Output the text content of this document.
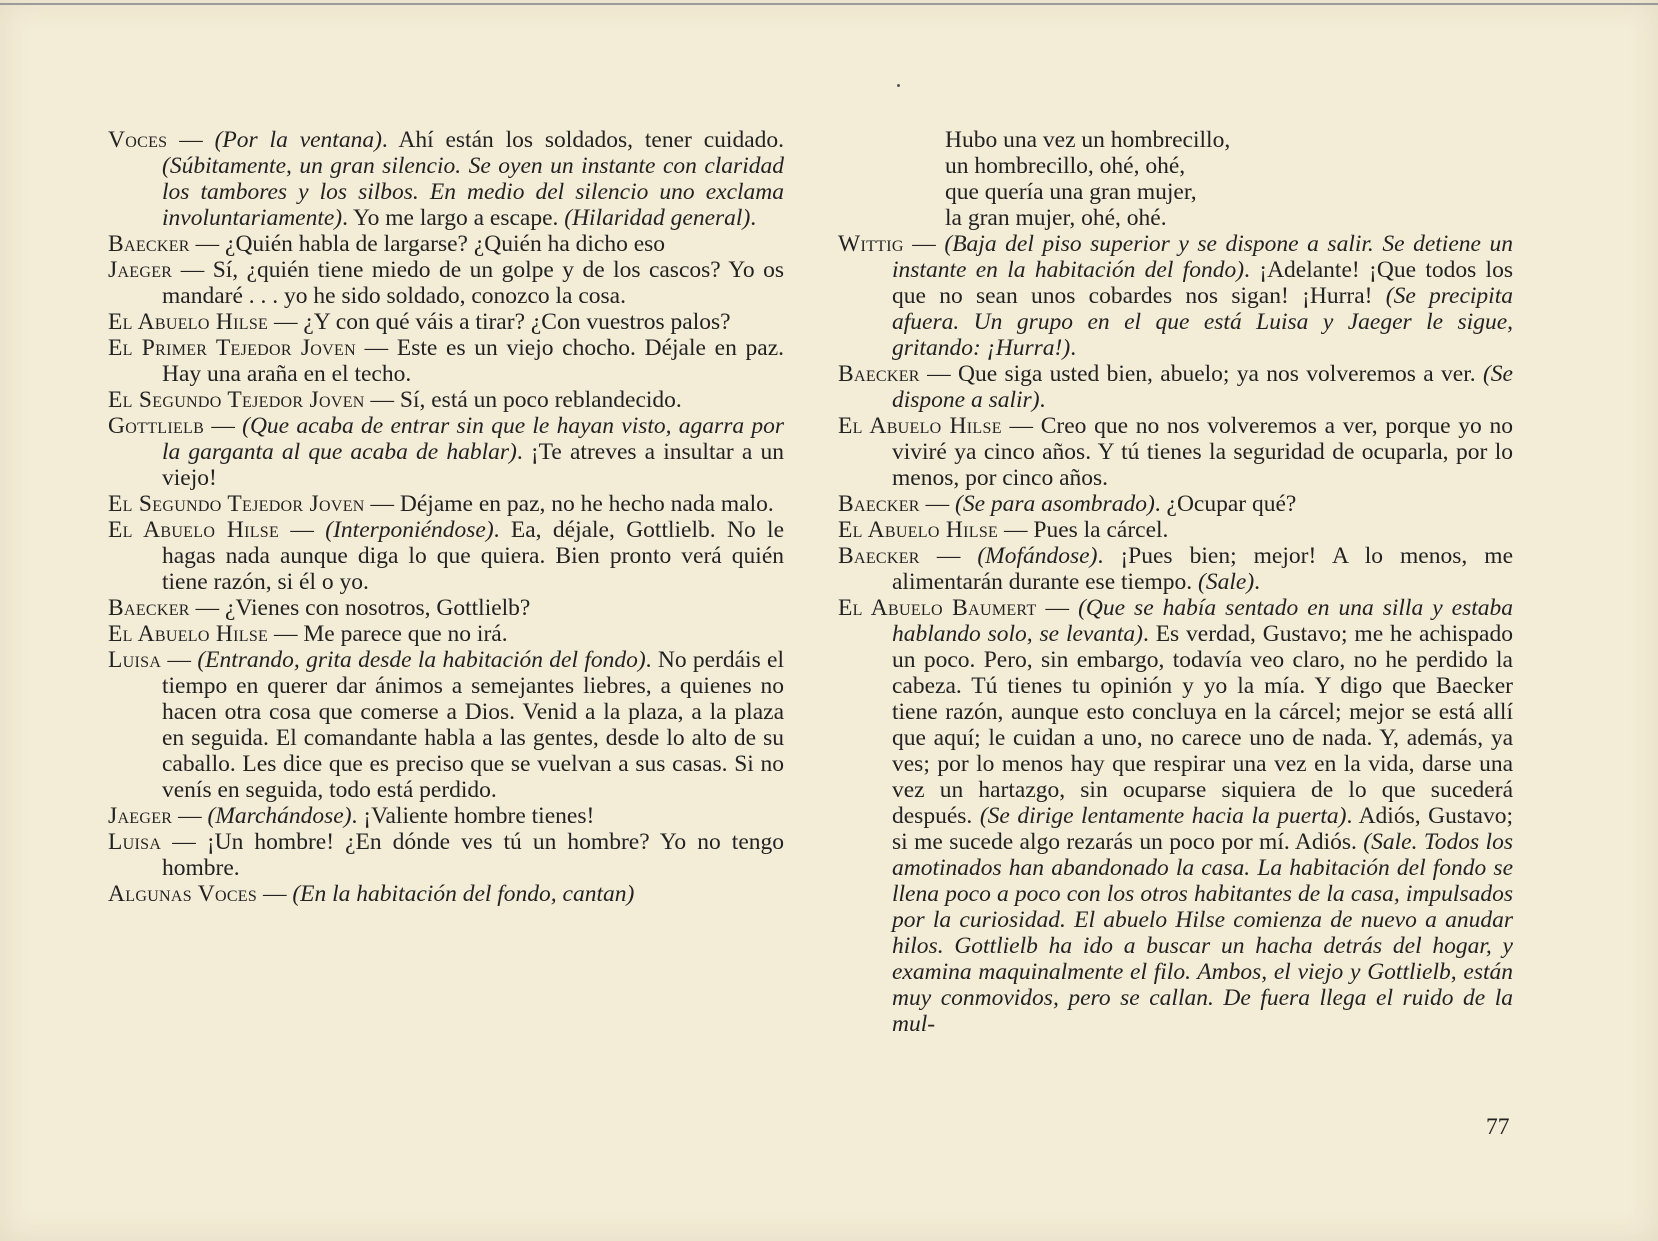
Voces — (Por la ventana). Ahí están los soldados, tener cuidado. (Súbitamente, un gran silencio. Se oyen un instante con claridad los tambores y los silbos. En medio del silencio uno exclama involuntariamente). Yo me largo a escape. (Hilaridad general).

Baecker — ¿Quién habla de largarse? ¿Quién ha dicho eso

Jaeger — Sí, ¿quién tiene miedo de un golpe y de los cascos? Yo os mandaré . . . yo he sido soldado, conozco la cosa.

El Abuelo Hilse — ¿Y con qué váis a tirar? ¿Con vuestros palos?

El Primer Tejedor Joven — Este es un viejo chocho. Déjale en paz. Hay una araña en el techo.

El Segundo Tejedor Joven — Sí, está un poco reblandecido.

Gottlielb — (Que acaba de entrar sin que le hayan visto, agarra por la garganta al que acaba de hablar). ¡Te atreves a insultar a un viejo!

El Segundo Tejedor Joven — Déjame en paz, no he hecho nada malo.

El Abuelo Hilse — (Interponiéndose). Ea, déjale, Gottlielb. No le hagas nada aunque diga lo que quiera. Bien pronto verá quién tiene razón, si él o yo.

Baecker — ¿Vienes con nosotros, Gottlielb?

El Abuelo Hilse — Me parece que no irá.

Luisa — (Entrando, grita desde la habitación del fondo). No perdáis el tiempo en querer dar ánimos a semejantes liebres, a quienes no hacen otra cosa que comerse a Dios. Venid a la plaza, a la plaza en seguida. El comandante habla a las gentes, desde lo alto de su caballo. Les dice que es preciso que se vuelvan a sus casas. Si no venís en seguida, todo está perdido.

Jaeger — (Marchándose). ¡Valiente hombre tienes!

Luisa — ¡Un hombre! ¿En dónde ves tú un hombre? Yo no tengo hombre.

Algunas Voces — (En la habitación del fondo, cantan)

Hubo una vez un hombrecillo,
un hombrecillo, ohé, ohé,
que quería una gran mujer,
la gran mujer, ohé, ohé.

Wittig — (Baja del piso superior y se dispone a salir. Se detiene un instante en la habitación del fondo). ¡Adelante! ¡Que todos los que no sean unos cobardes nos sigan! ¡Hurra! (Se precipita afuera. Un grupo en el que está Luisa y Jaeger le sigue, gritando: ¡Hurra!).

Baecker — Que siga usted bien, abuelo; ya nos volveremos a ver. (Se dispone a salir).

El Abuelo Hilse — Creo que no nos volveremos a ver, porque yo no viviré ya cinco años. Y tú tienes la seguridad de ocuparla, por lo menos, por cinco años.

Baecker — (Se para asombrado). ¿Ocupar qué?

El Abuelo Hilse — Pues la cárcel.

Baecker — (Mofándose). ¡Pues bien; mejor! A lo menos, me alimentarán durante ese tiempo. (Sale).

El Abuelo Baumert — (Que se había sentado en una silla y estaba hablando solo, se levanta). Es verdad, Gustavo; me he achispado un poco. Pero, sin embargo, todavía veo claro, no he perdido la cabeza. Tú tienes tu opinión y yo la mía. Y digo que Baecker tiene razón, aunque esto concluya en la cárcel; mejor se está allí que aquí; le cuidan a uno, no carece uno de nada. Y, además, ya ves; por lo menos hay que respirar una vez en la vida, darse una vez un hartazgo, sin ocuparse siquiera de lo que sucederá después. (Se dirige lentamente hacia la puerta). Adiós, Gustavo; si me sucede algo rezarás un poco por mí. Adiós. (Sale. Todos los amotinados han abandonado la casa. La habitación del fondo se llena poco a poco con los otros habitantes de la casa, impulsados por la curiosidad. El abuelo Hilse comienza de nuevo a anudar hilos. Gottlielb ha ido a buscar un hacha detrás del hogar, y examina maquinalmente el filo. Ambos, el viejo y Gottlielb, están muy conmovidos, pero se callan. De fuera llega el ruido de la mul-

77
